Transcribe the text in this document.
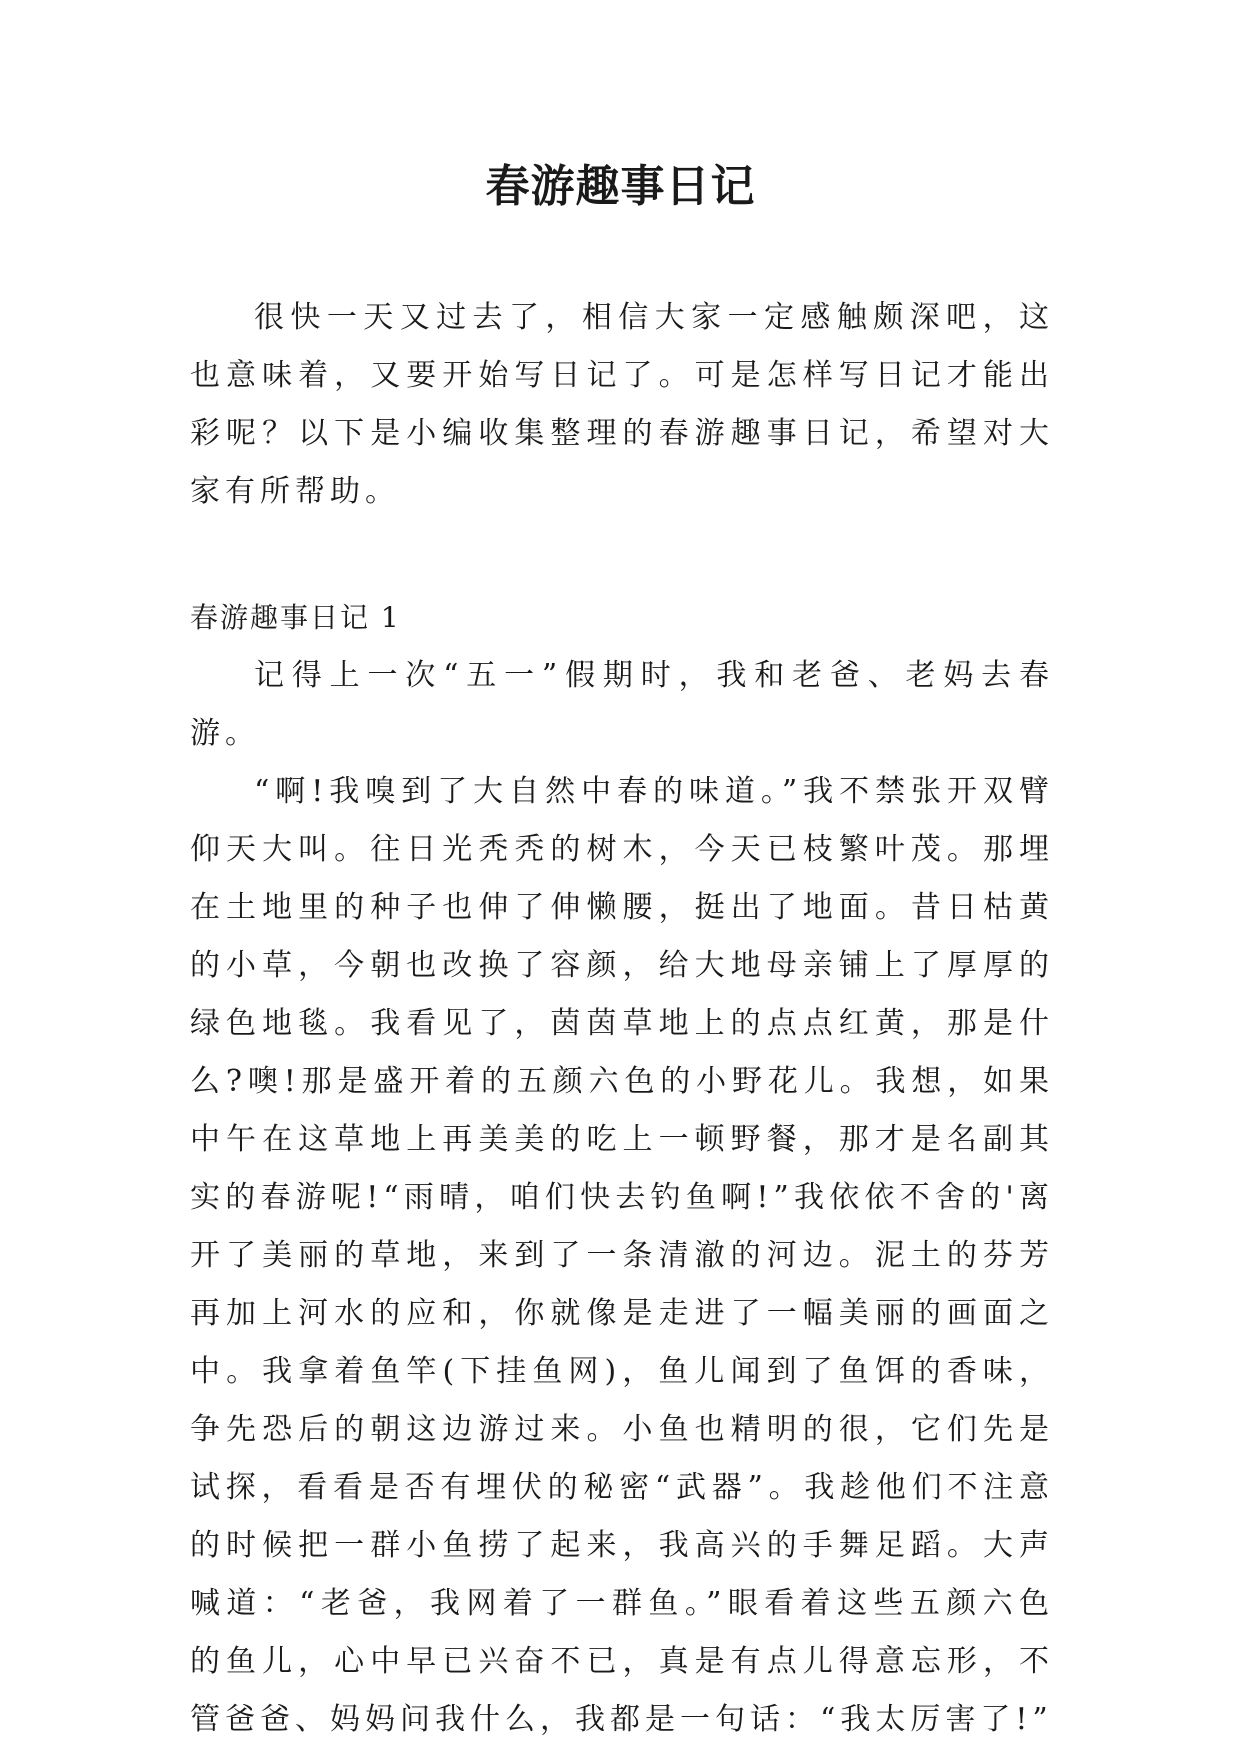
春游趣事日记

很快一天又过去了，相信大家一定感触颇深吧，这也意味着，又要开始写日记了。可是怎样写日记才能出彩呢？以下是小编收集整理的春游趣事日记，希望对大家有所帮助。

春游趣事日记 1

记得上一次“五一”假期时，我和老爸、老妈去春游。

“啊!我嗅到了大自然中春的味道。”我不禁张开双臂仰天大叫。往日光秃秃的树木，今天已枝繁叶茂。那埋在土地里的种子也伸了伸懒腰，挺出了地面。昔日枯黄的小草，今朝也改换了容颜，给大地母亲铺上了厚厚的绿色地毯。我看见了，茵茵草地上的点点红黄，那是什么?噢!那是盛开着的五颜六色的小野花儿。我想，如果中午在这草地上再美美的吃上一顿野餐，那才是名副其实的春游呢!“雨晴，咱们快去钓鱼啊!”我依依不舍的'离开了美丽的草地，来到了一条清澈的河边。泥土的芬芳再加上河水的应和，你就像是走进了一幅美丽的画面之中。我拿着鱼竿(下挂鱼网)，鱼儿闻到了鱼饵的香味，争先恐后的朝这边游过来。小鱼也精明的很，它们先是试探，看看是否有埋伏的秘密“武器”。我趁他们不注意的时候把一群小鱼捞了起来，我高兴的手舞足蹈。大声喊道：“老爸，我网着了一群鱼。”眼看着这些五颜六色的鱼儿，心中早已兴奋不已，真是有点儿得意忘形，不管爸爸、妈妈问我什么，我都是一句话：“我太厉害了!”
